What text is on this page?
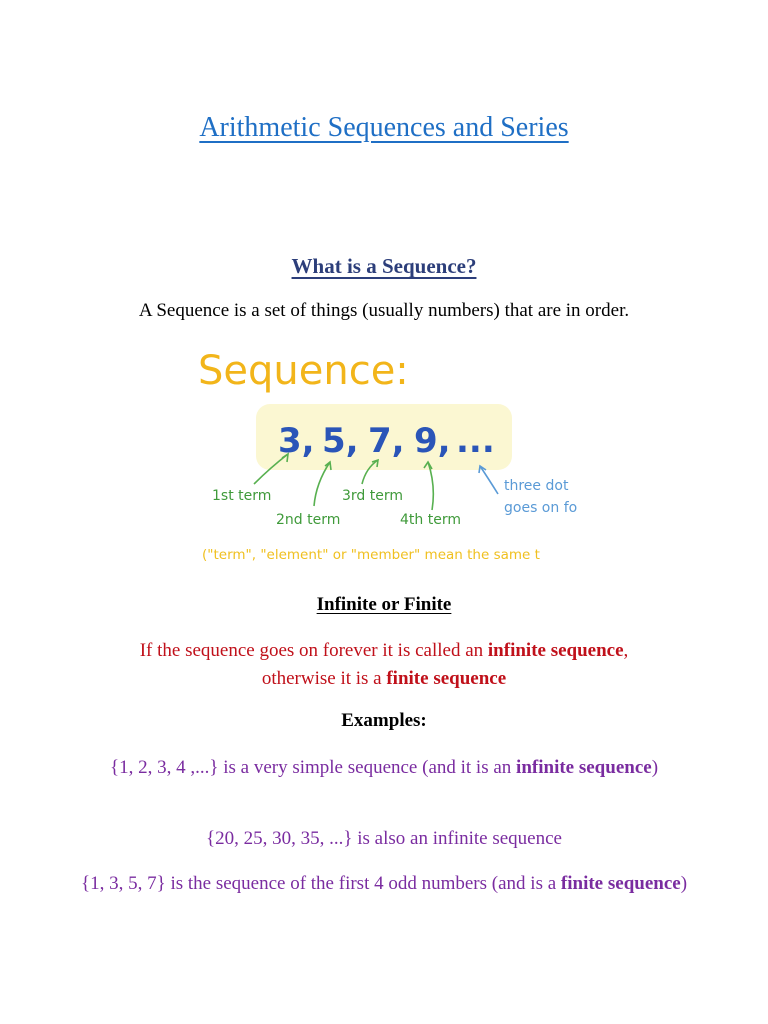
Arithmetic Sequences and Series
What is a Sequence?
A Sequence is a set of things (usually numbers) that are in order.
Sequence:
3, 5, 7, 9, ...
1st term
2nd term
3rd term
4th term
three dot
goes on fo
("term", "element" or "member" mean the same t
Infinite or Finite
If the sequence goes on forever it is called an infinite sequence,
otherwise it is a finite sequence
Examples:
{1, 2, 3, 4 ,...} is a very simple sequence (and it is an infinite sequence)
{20, 25, 30, 35, ...} is also an infinite sequence
{1, 3, 5, 7} is the sequence of the first 4 odd numbers (and is a finite sequence)
